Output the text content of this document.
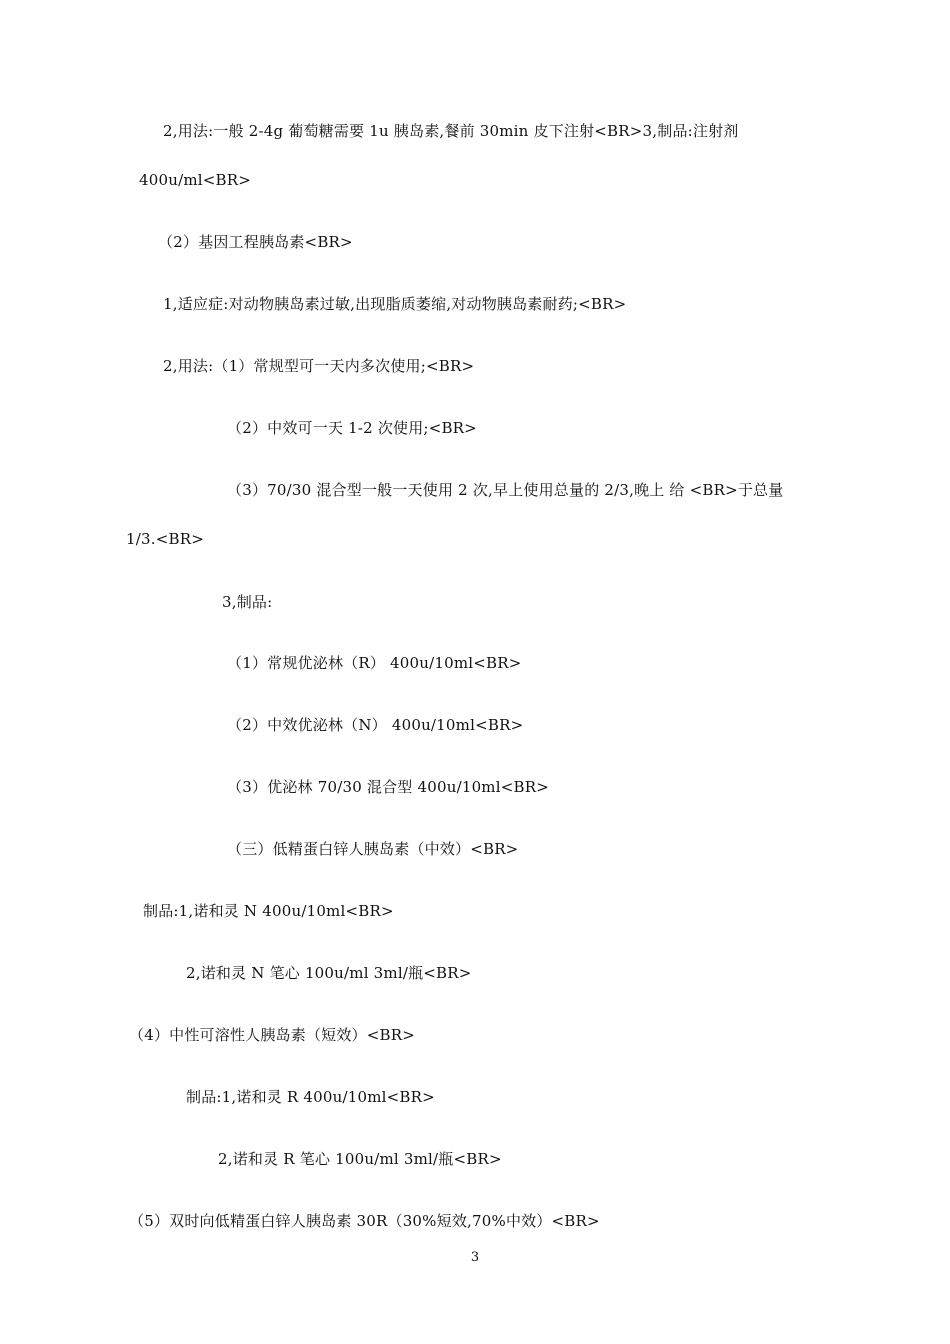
2,用法:一般 2-4g 葡萄糖需要 1u 胰岛素,餐前 30min 皮下注射<BR>3,制品:注射剂
400u/ml<BR>
（2）基因工程胰岛素<BR>
1,适应症:对动物胰岛素过敏,出现脂质萎缩,对动物胰岛素耐药;<BR>
2,用法:（1）常规型可一天内多次使用;<BR>
（2）中效可一天 1-2 次使用;<BR>
（3）70/30 混合型一般一天使用 2 次,早上使用总量的 2/3,晚上 给 <BR>于总量
1/3.<BR>
3,制品:
（1）常规优泌林（R） 400u/10ml<BR>
（2）中效优泌林（N） 400u/10ml<BR>
（3）优泌林 70/30 混合型 400u/10ml<BR>
（三）低精蛋白锌人胰岛素（中效）<BR>
制品:1,诺和灵 N 400u/10ml<BR>
2,诺和灵 N 笔心 100u/ml 3ml/瓶<BR>
（4）中性可溶性人胰岛素（短效）<BR>
制品:1,诺和灵 R 400u/10ml<BR>
2,诺和灵 R 笔心 100u/ml 3ml/瓶<BR>
（5）双时向低精蛋白锌人胰岛素 30R（30%短效,70%中效）<BR>
3
